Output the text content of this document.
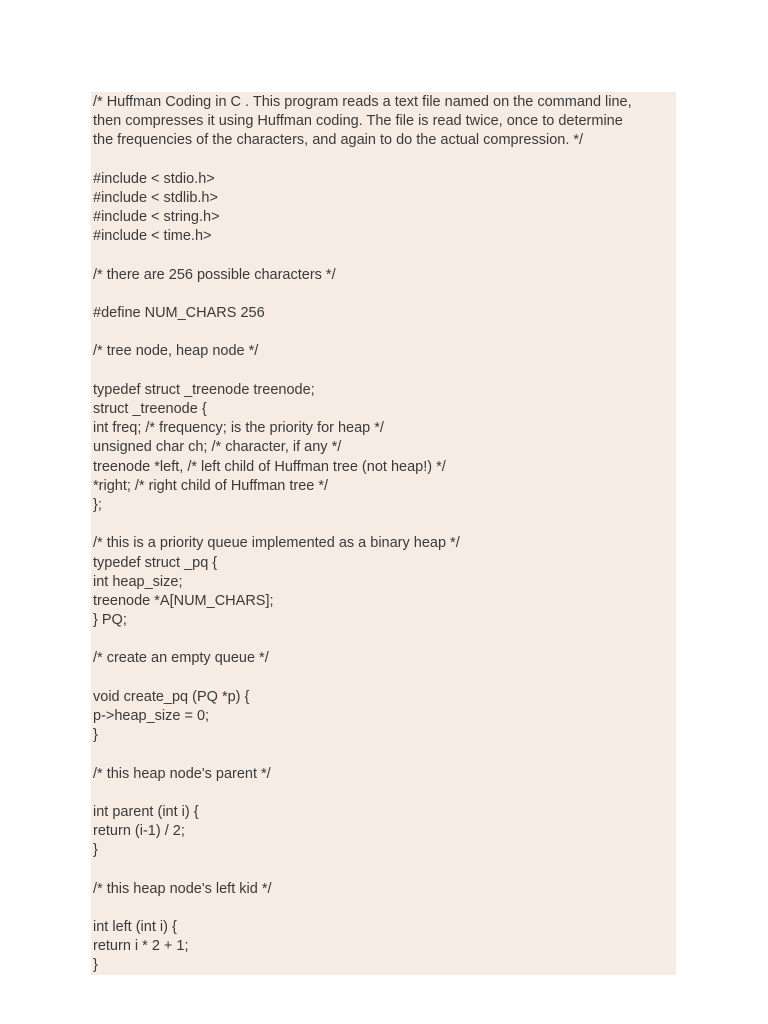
/* Huffman Coding in C . This program reads a text file named on the command line,
then compresses it using Huffman coding. The file is read twice, once to determine
the frequencies of the characters, and again to do the actual compression. */
#include < stdio.h>
#include < stdlib.h>
#include < string.h>
#include < time.h>
/* there are 256 possible characters */
#define NUM_CHARS 256
/* tree node, heap node */
typedef struct _treenode treenode;
struct _treenode {
int freq; /* frequency; is the priority for heap */
unsigned char ch; /* character, if any */
treenode *left, /* left child of Huffman tree (not heap!) */
*right; /* right child of Huffman tree */
};
/* this is a priority queue implemented as a binary heap */
typedef struct _pq {
int heap_size;
treenode *A[NUM_CHARS];
} PQ;
/* create an empty queue */
void create_pq (PQ *p) {
p->heap_size = 0;
}
/* this heap node's parent */
int parent (int i) {
return (i-1) / 2;
}
/* this heap node's left kid */
int left (int i) {
return i * 2 + 1;
}
